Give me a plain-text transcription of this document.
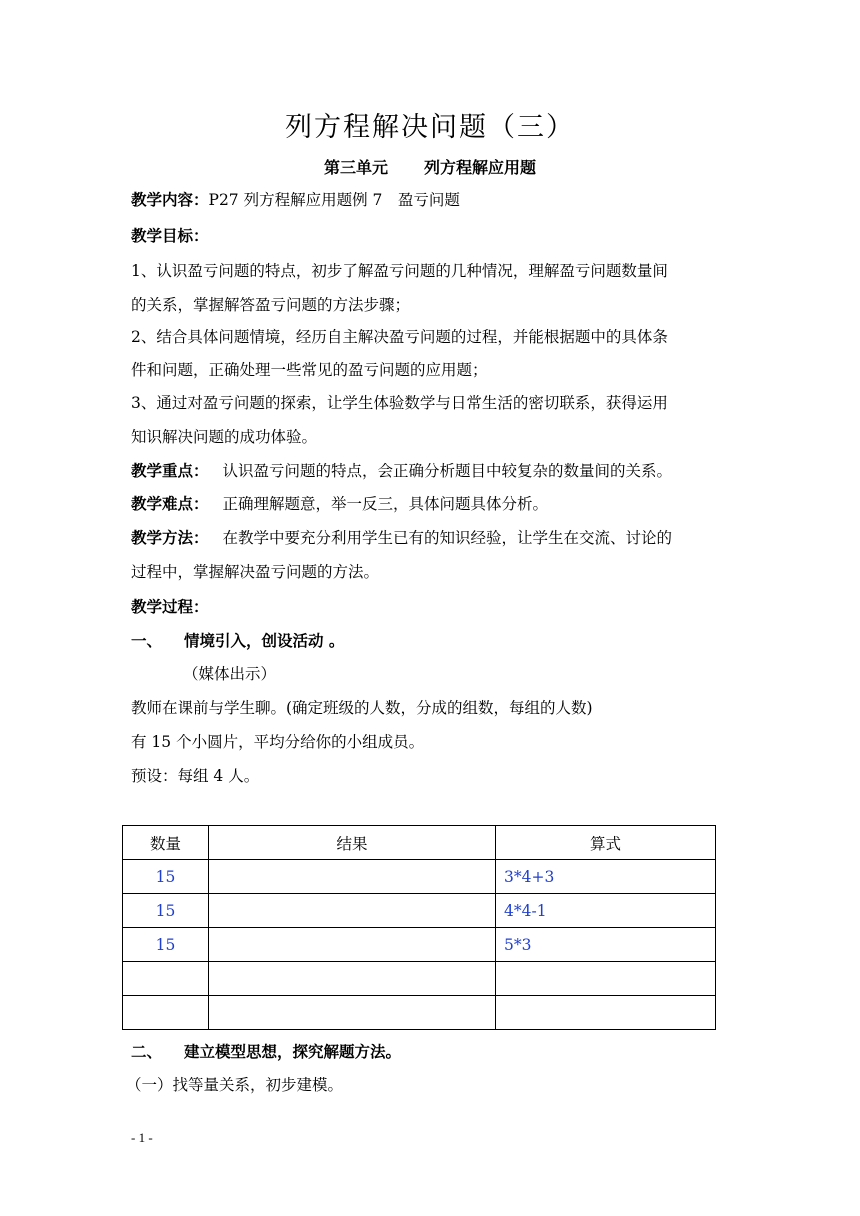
列方程解决问题（三）
第三单元 列方程解应用题
教学内容：P27 列方程解应用题例 7　盈亏问题
教学目标：
1、认识盈亏问题的特点，初步了解盈亏问题的几种情况，理解盈亏问题数量间
的关系，掌握解答盈亏问题的方法步骤；
2、结合具体问题情境，经历自主解决盈亏问题的过程，并能根据题中的具体条
件和问题，正确处理一些常见的盈亏问题的应用题；
3、通过对盈亏问题的探索，让学生体验数学与日常生活的密切联系，获得运用
知识解决问题的成功体验。
教学重点： 认识盈亏问题的特点，会正确分析题目中较复杂的数量间的关系。
教学难点： 正确理解题意，举一反三，具体问题具体分析。
教学方法： 在教学中要充分利用学生已有的知识经验，让学生在交流、讨论的
过程中，掌握解决盈亏问题的方法。
教学过程：
一、 情境引入，创设活动 。
（媒体出示）
教师在课前与学生聊。(确定班级的人数，分成的组数，每组的人数)
有 15 个小圆片，平均分给你的小组成员。
预设：每组 4 人。
数量	结果	算式
15		3*4+3
15		4*4-1
15		5*3

二、 建立模型思想，探究解题方法。
（一）找等量关系，初步建模。
- 1 -
